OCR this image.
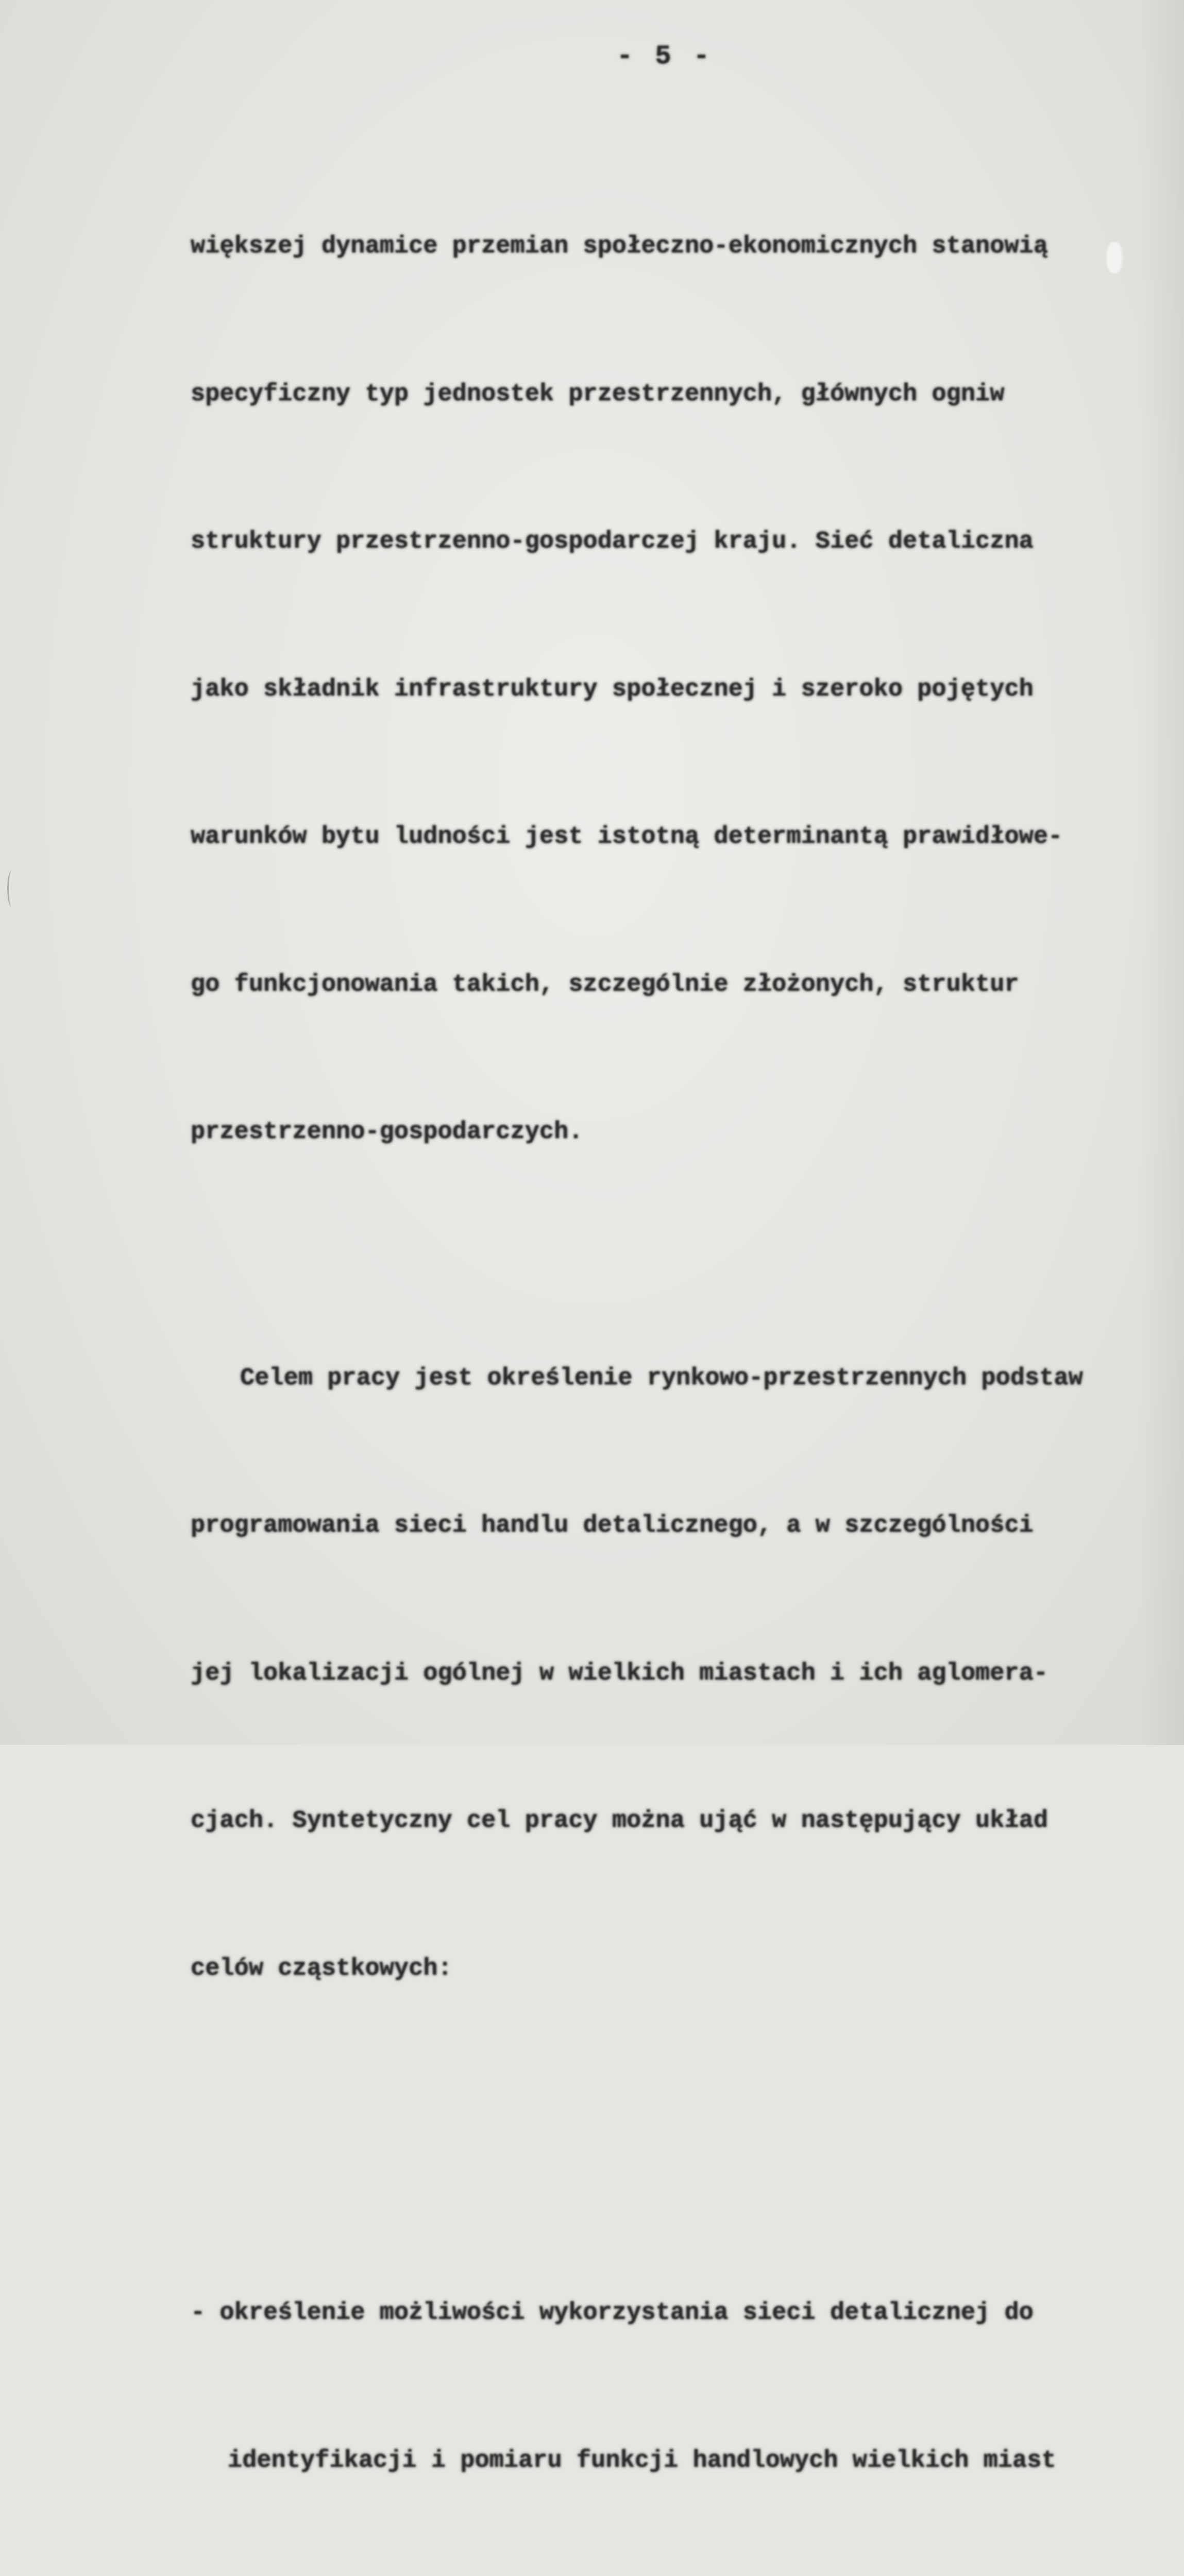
- 5 -

większej dynamice przemian społeczno-ekonomicznych stanowią

specyficzny typ jednostek przestrzennych, głównych ogniw

struktury przestrzenno-gospodarczej kraju. Sieć detaliczna

jako składnik infrastruktury społecznej i szeroko pojętych

warunków bytu ludności jest istotną determinantą prawidłowe-

go funkcjonowania takich, szczególnie złożonych, struktur

przestrzenno-gospodarczych.

Celem pracy jest określenie rynkowo-przestrzennych podstaw

programowania sieci handlu detalicznego, a w szczególności

jej lokalizacji ogólnej w wielkich miastach i ich aglomera-

cjach. Syntetyczny cel pracy można ująć w następujący układ

celów cząstkowych:

- określenie możliwości wykorzystania sieci detalicznej do

identyfikacji i pomiaru funkcji handlowych wielkich miast
